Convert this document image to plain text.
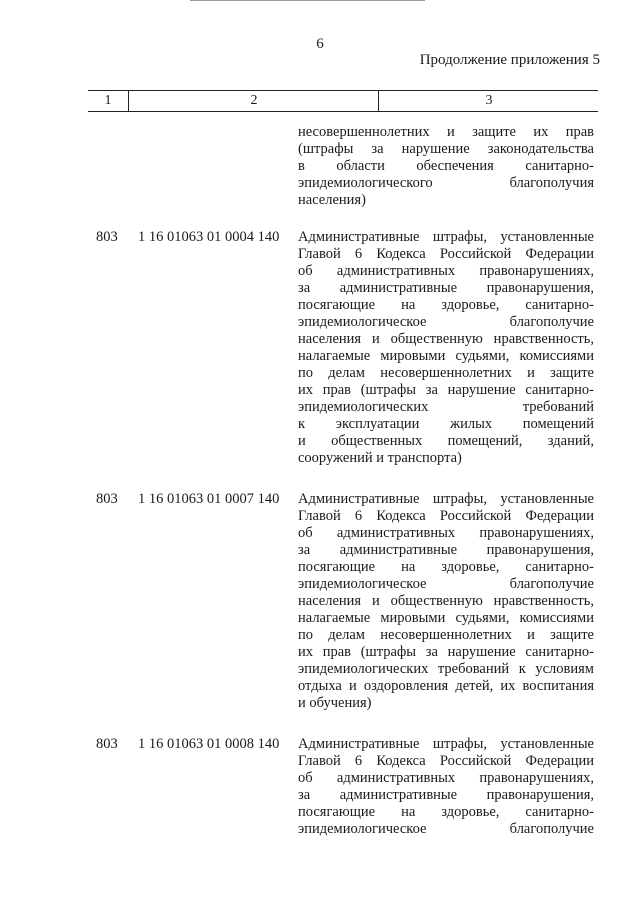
6
Продолжение приложения 5
1	2	3
несовершеннолетних и защите их прав
(штрафы за нарушение законодательства
в области обеспечения санитарно-
эпидемиологического благополучия
населения)
803 1 16 01063 01 0004 140 Административные штрафы, установленные
Главой 6 Кодекса Российской Федерации
об административных правонарушениях,
за административные правонарушения,
посягающие на здоровье, санитарно-
эпидемиологическое благополучие
населения и общественную нравственность,
налагаемые мировыми судьями, комиссиями
по делам несовершеннолетних и защите
их прав (штрафы за нарушение санитарно-
эпидемиологических требований
к эксплуатации жилых помещений
и общественных помещений, зданий,
сооружений и транспорта)
803 1 16 01063 01 0007 140 Административные штрафы, установленные
Главой 6 Кодекса Российской Федерации
об административных правонарушениях,
за административные правонарушения,
посягающие на здоровье, санитарно-
эпидемиологическое благополучие
населения и общественную нравственность,
налагаемые мировыми судьями, комиссиями
по делам несовершеннолетних и защите
их прав (штрафы за нарушение санитарно-
эпидемиологических требований к условиям
отдыха и оздоровления детей, их воспитания
и обучения)
803 1 16 01063 01 0008 140 Административные штрафы, установленные
Главой 6 Кодекса Российской Федерации
об административных правонарушениях,
за административные правонарушения,
посягающие на здоровье, санитарно-
эпидемиологическое благополучие
